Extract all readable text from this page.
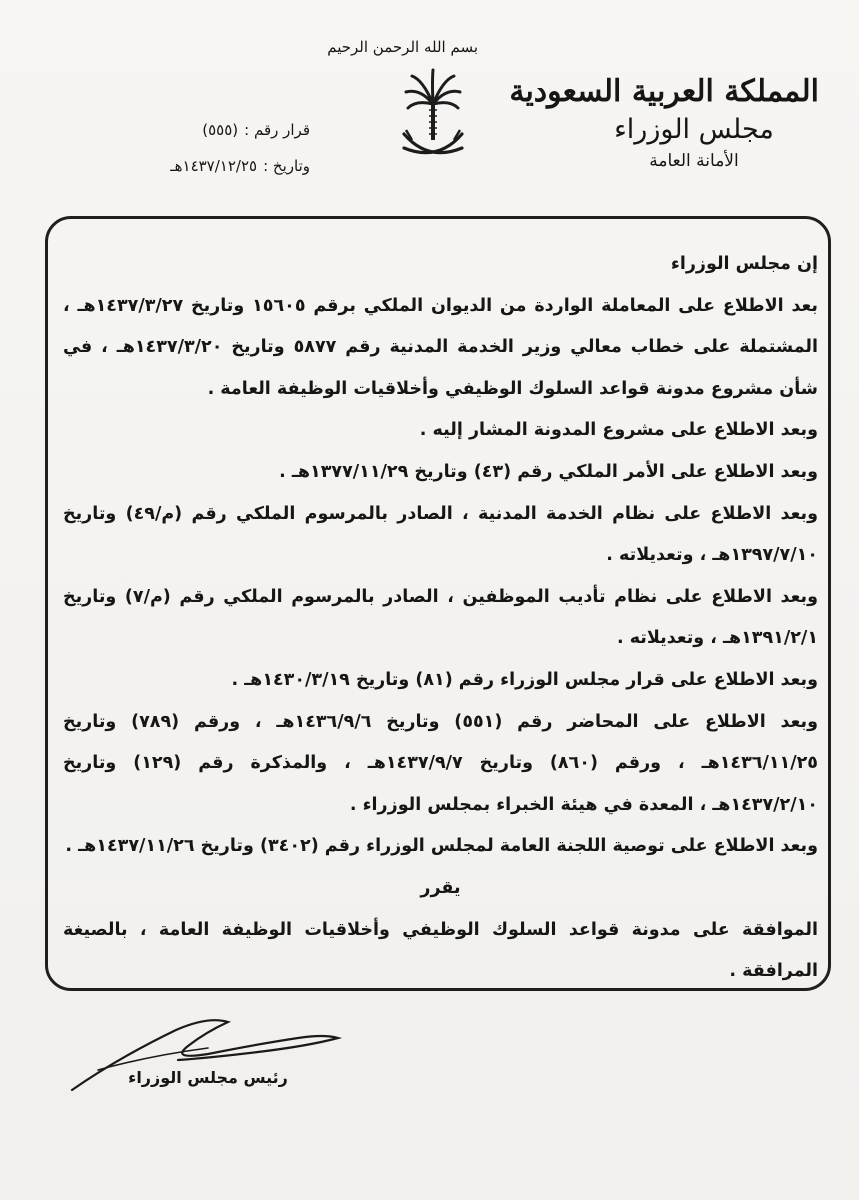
بسم الله الرحمن الرحيم
المملكة العربية السعودية
مجلس الوزراء
الأمانة العامة
قرار رقم :
(٥٥٥)
وتاريخ :
١٤٣٧/١٢/٢٥هـ

إن مجلس الوزراء

بعد الاطلاع على المعاملة الواردة من الديوان الملكي برقم ١٥٦٠٥ وتاريخ ١٤٣٧/٣/٢٧هـ ، المشتملة على خطاب معالي وزير الخدمة المدنية رقم ٥٨٧٧ وتاريخ ١٤٣٧/٣/٢٠هـ ، في شأن مشروع مدونة قواعد السلوك الوظيفي وأخلاقيات الوظيفة العامة .

وبعد الاطلاع على مشروع المدونة المشار إليه .

وبعد الاطلاع على الأمر الملكي رقم (٤٣) وتاريخ ١٣٧٧/١١/٢٩هـ .

وبعد الاطلاع على نظام الخدمة المدنية ، الصادر بالمرسوم الملكي رقم (م/٤٩) وتاريخ ١٣٩٧/٧/١٠هـ ، وتعديلاته .

وبعد الاطلاع على نظام تأديب الموظفين ، الصادر بالمرسوم الملكي رقم (م/٧) وتاريخ ١٣٩١/٢/١هـ ، وتعديلاته .

وبعد الاطلاع على قرار مجلس الوزراء رقم (٨١) وتاريخ ١٤٣٠/٣/١٩هـ .

وبعد الاطلاع على المحاضر رقم (٥٥١) وتاريخ ١٤٣٦/٩/٦هـ ، ورقم (٧٨٩) وتاريخ ١٤٣٦/١١/٢٥هـ ، ورقم (٨٦٠) وتاريخ ١٤٣٧/٩/٧هـ ، والمذكرة رقم (١٢٩) وتاريخ ١٤٣٧/٢/١٠هـ ، المعدة في هيئة الخبراء بمجلس الوزراء .

وبعد الاطلاع على توصية اللجنة العامة لمجلس الوزراء رقم (٣٤٠٢) وتاريخ ١٤٣٧/١١/٢٦هـ .

يقرر

الموافقة على مدونة قواعد السلوك الوظيفي وأخلاقيات الوظيفة العامة ، بالصيغة المرافقة .

رئيس مجلس الوزراء
